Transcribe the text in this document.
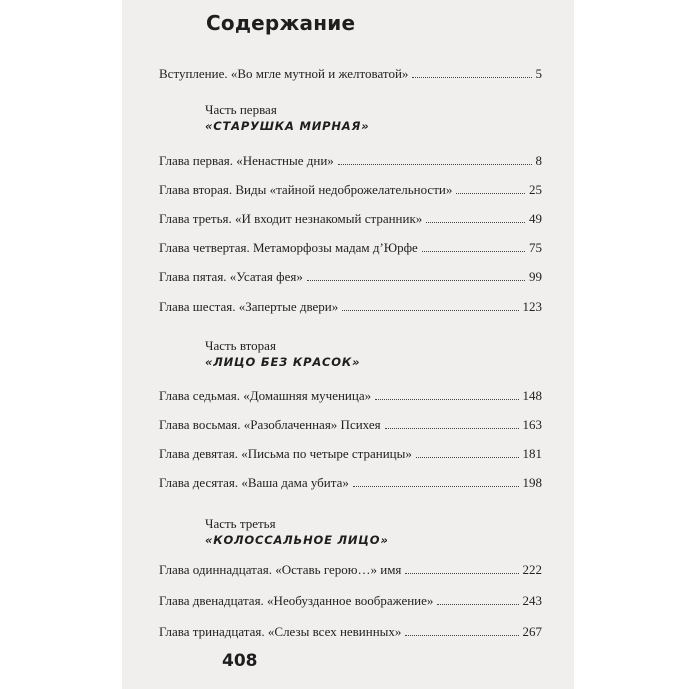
Содержание
Вступление. «Во мгле мутной и желтоватой»	5
Часть первая
«СТАРУШКА МИРНАЯ»
Глава первая. «Ненастные дни»	8
Глава вторая. Виды «тайной недоброжелательности»	25
Глава третья. «И входит незнакомый странник»	49
Глава четвертая. Метаморфозы мадам д’Юрфе	75
Глава пятая. «Усатая фея»	99
Глава шестая. «Запертые двери»	123
Часть вторая
«ЛИЦО БЕЗ КРАСОК»
Глава седьмая. «Домашняя мученица»	148
Глава восьмая. «Разоблаченная» Психея	163
Глава девятая. «Письма по четыре страницы»	181
Глава десятая. «Ваша дама убита»	198
Часть третья
«КОЛОССАЛЬНОЕ ЛИЦО»
Глава одиннадцатая. «Оставь герою…» имя	222
Глава двенадцатая. «Необузданное воображение»	243
Глава тринадцатая. «Слезы всех невинных»	267
408
